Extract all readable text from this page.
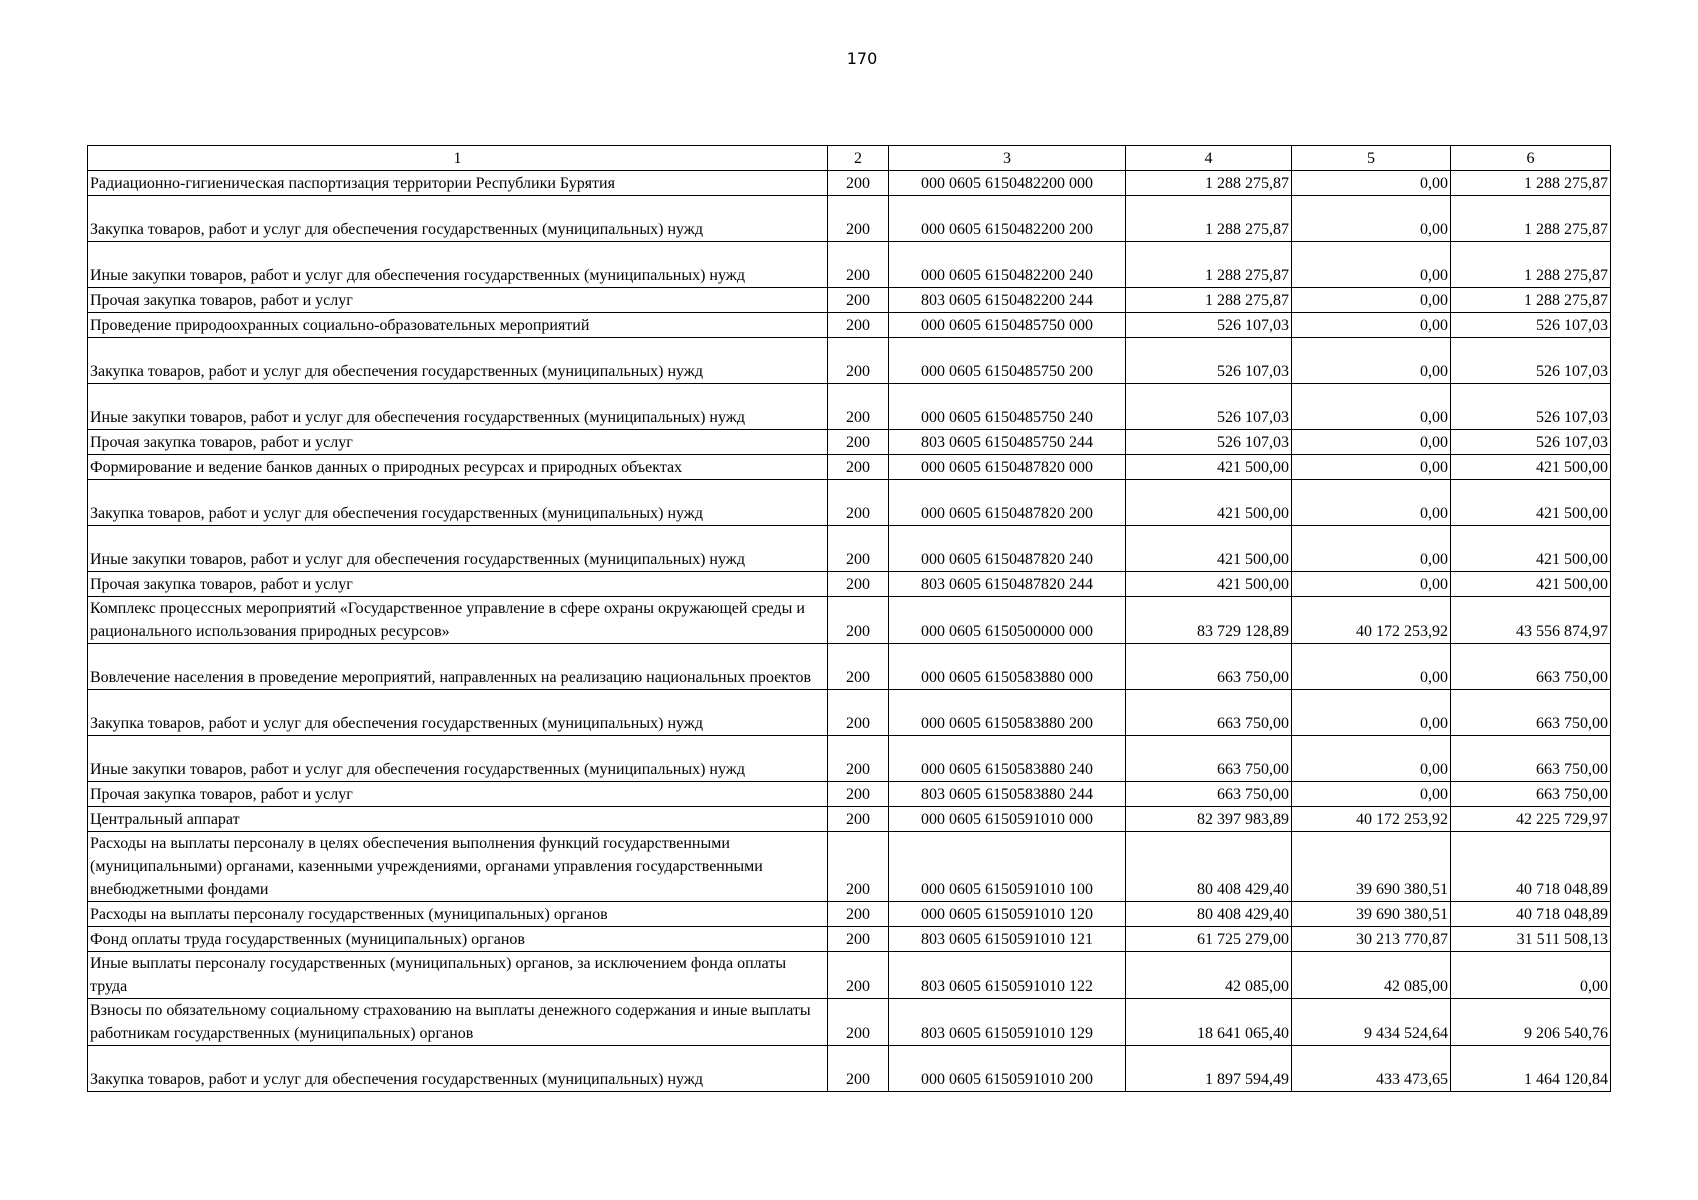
170
1	2	3	4	5	6
Радиационно-гигиеническая паспортизация территории Республики Бурятия	200	000 0605 6150482200 000	1 288 275,87	0,00	1 288 275,87
Закупка товаров, работ и услуг для обеспечения государственных (муниципальных) нужд	200	000 0605 6150482200 200	1 288 275,87	0,00	1 288 275,87
Иные закупки товаров, работ и услуг для обеспечения государственных (муниципальных) нужд	200	000 0605 6150482200 240	1 288 275,87	0,00	1 288 275,87
Прочая закупка товаров, работ и услуг	200	803 0605 6150482200 244	1 288 275,87	0,00	1 288 275,87
Проведение природоохранных социально-образовательных мероприятий	200	000 0605 6150485750 000	526 107,03	0,00	526 107,03
Закупка товаров, работ и услуг для обеспечения государственных (муниципальных) нужд	200	000 0605 6150485750 200	526 107,03	0,00	526 107,03
Иные закупки товаров, работ и услуг для обеспечения государственных (муниципальных) нужд	200	000 0605 6150485750 240	526 107,03	0,00	526 107,03
Прочая закупка товаров, работ и услуг	200	803 0605 6150485750 244	526 107,03	0,00	526 107,03
Формирование и ведение банков данных о природных ресурсах и природных объектах	200	000 0605 6150487820 000	421 500,00	0,00	421 500,00
Закупка товаров, работ и услуг для обеспечения государственных (муниципальных) нужд	200	000 0605 6150487820 200	421 500,00	0,00	421 500,00
Иные закупки товаров, работ и услуг для обеспечения государственных (муниципальных) нужд	200	000 0605 6150487820 240	421 500,00	0,00	421 500,00
Прочая закупка товаров, работ и услуг	200	803 0605 6150487820 244	421 500,00	0,00	421 500,00
Комплекс процессных мероприятий «Государственное управление в сфере охраны окружающей среды и рационального использования природных ресурсов»	200	000 0605 6150500000 000	83 729 128,89	40 172 253,92	43 556 874,97
Вовлечение населения в проведение мероприятий, направленных на реализацию национальных проектов	200	000 0605 6150583880 000	663 750,00	0,00	663 750,00
Закупка товаров, работ и услуг для обеспечения государственных (муниципальных) нужд	200	000 0605 6150583880 200	663 750,00	0,00	663 750,00
Иные закупки товаров, работ и услуг для обеспечения государственных (муниципальных) нужд	200	000 0605 6150583880 240	663 750,00	0,00	663 750,00
Прочая закупка товаров, работ и услуг	200	803 0605 6150583880 244	663 750,00	0,00	663 750,00
Центральный аппарат	200	000 0605 6150591010 000	82 397 983,89	40 172 253,92	42 225 729,97
Расходы на выплаты персоналу в целях обеспечения выполнения функций государственными (муниципальными) органами, казенными учреждениями, органами управления государственными внебюджетными фондами	200	000 0605 6150591010 100	80 408 429,40	39 690 380,51	40 718 048,89
Расходы на выплаты персоналу государственных (муниципальных) органов	200	000 0605 6150591010 120	80 408 429,40	39 690 380,51	40 718 048,89
Фонд оплаты труда государственных (муниципальных) органов	200	803 0605 6150591010 121	61 725 279,00	30 213 770,87	31 511 508,13
Иные выплаты персоналу государственных (муниципальных) органов, за исключением фонда оплаты труда	200	803 0605 6150591010 122	42 085,00	42 085,00	0,00
Взносы по обязательному социальному страхованию на выплаты денежного содержания и иные выплаты работникам государственных (муниципальных) органов	200	803 0605 6150591010 129	18 641 065,40	9 434 524,64	9 206 540,76
Закупка товаров, работ и услуг для обеспечения государственных (муниципальных) нужд	200	000 0605 6150591010 200	1 897 594,49	433 473,65	1 464 120,84
